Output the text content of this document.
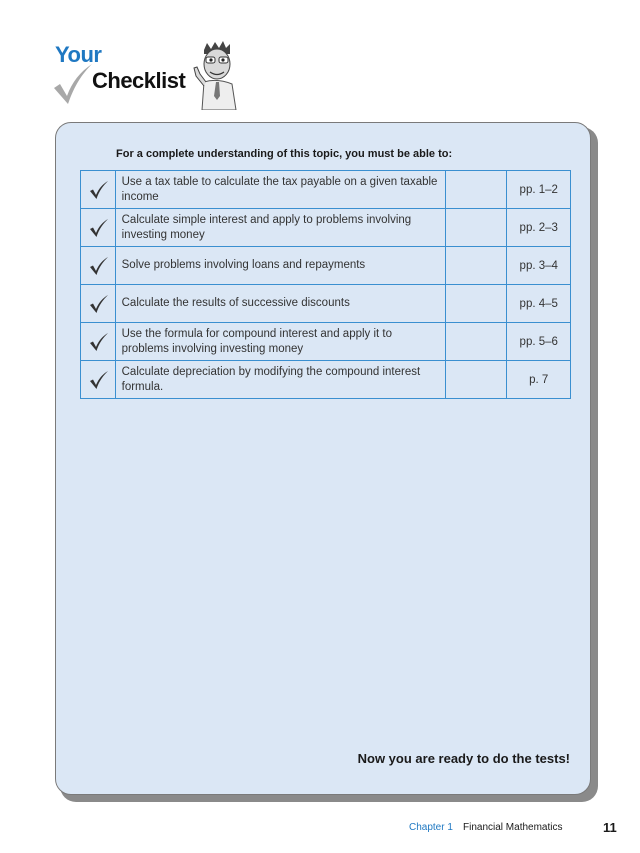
Your
Checklist
For a complete understanding of this topic, you must be able to:
	Use a tax table to calculate the tax payable on a given taxable income		pp. 1–2
	Calculate simple interest and apply to problems involving investing money		pp. 2–3
	Solve problems involving loans and repayments		pp. 3–4
	Calculate the results of successive discounts		pp. 4–5
	Use the formula for compound interest and apply it to problems involving investing money		pp. 5–6
	Calculate depreciation by modifying the compound interest formula.		p. 7
Now you are ready to do the tests!
Chapter 1 Financial Mathematics	11
